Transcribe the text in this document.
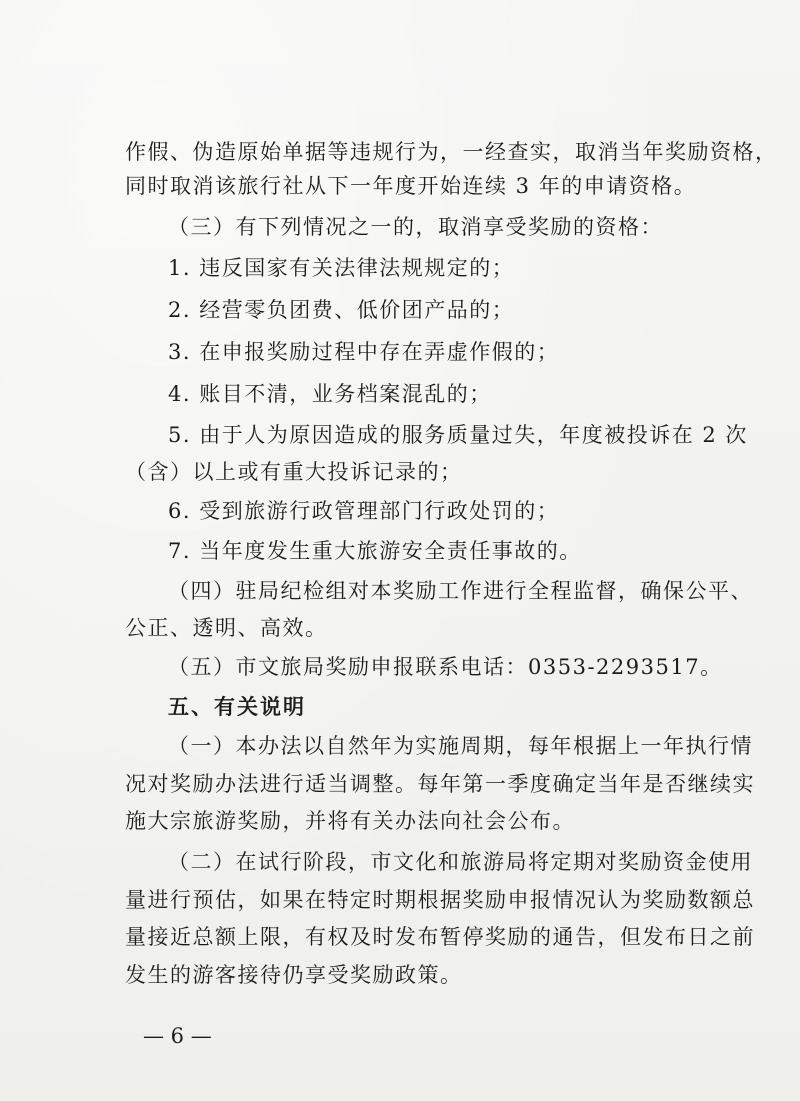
作假、伪造原始单据等违规行为，一经查实，取消当年奖励资格，
同时取消该旅行社从下一年度开始连续 3 年的申请资格。
（三）有下列情况之一的，取消享受奖励的资格：
1. 违反国家有关法律法规规定的；
2. 经营零负团费、低价团产品的；
3. 在申报奖励过程中存在弄虚作假的；
4. 账目不清，业务档案混乱的；
5. 由于人为原因造成的服务质量过失，年度被投诉在 2 次
（含）以上或有重大投诉记录的；
6. 受到旅游行政管理部门行政处罚的；
7. 当年度发生重大旅游安全责任事故的。
（四）驻局纪检组对本奖励工作进行全程监督，确保公平、
公正、透明、高效。
（五）市文旅局奖励申报联系电话：0353-2293517。
五、有关说明
（一）本办法以自然年为实施周期，每年根据上一年执行情
况对奖励办法进行适当调整。每年第一季度确定当年是否继续实
施大宗旅游奖励，并将有关办法向社会公布。
（二）在试行阶段，市文化和旅游局将定期对奖励资金使用
量进行预估，如果在特定时期根据奖励申报情况认为奖励数额总
量接近总额上限，有权及时发布暂停奖励的通告，但发布日之前
发生的游客接待仍享受奖励政策。
— 6 —
